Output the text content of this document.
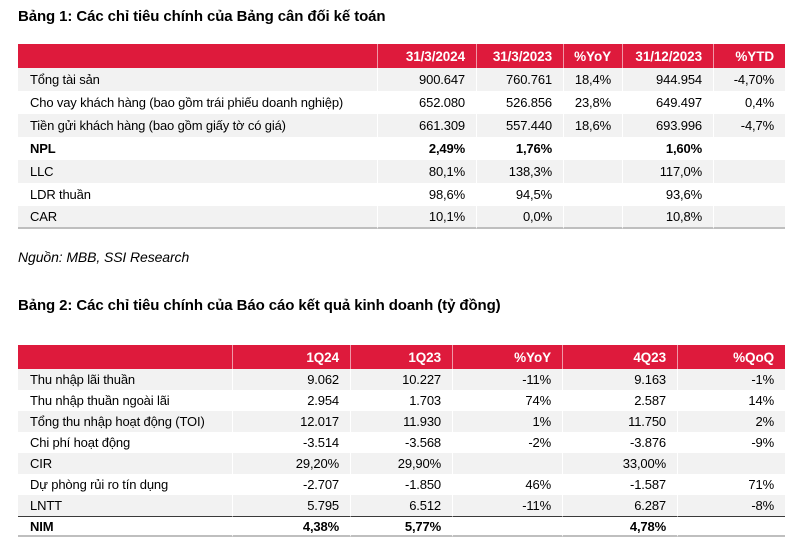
Bảng 1: Các chỉ tiêu chính của Bảng cân đối kế toán
	31/3/2024	31/3/2023	%YoY	31/12/2023	%YTD
Tổng tài sản	900.647	760.761	18,4%	944.954	-4,70%
Cho vay khách hàng (bao gồm trái phiếu doanh nghiệp)	652.080	526.856	23,8%	649.497	0,4%
Tiền gửi khách hàng (bao gồm giấy tờ có giá)	661.309	557.440	18,6%	693.996	-4,7%
NPL	2,49%	1,76%		1,60%	
LLC	80,1%	138,3%		117,0%	
LDR thuần	98,6%	94,5%		93,6%	
CAR	10,1%	0,0%		10,8%	

Nguồn: MBB, SSI Research

Bảng 2: Các chỉ tiêu chính của Báo cáo kết quả kinh doanh (tỷ đồng)
	1Q24	1Q23	%YoY	4Q23	%QoQ
Thu nhập lãi thuần	9.062	10.227	-11%	9.163	-1%
Thu nhập thuần ngoài lãi	2.954	1.703	74%	2.587	14%
Tổng thu nhập hoạt động (TOI)	12.017	11.930	1%	11.750	2%
Chi phí hoạt động	-3.514	-3.568	-2%	-3.876	-9%
CIR	29,20%	29,90%		33,00%	
Dự phòng rủi ro tín dụng	-2.707	-1.850	46%	-1.587	71%
LNTT	5.795	6.512	-11%	6.287	-8%
NIM	4,38%	5,77%		4,78%	
